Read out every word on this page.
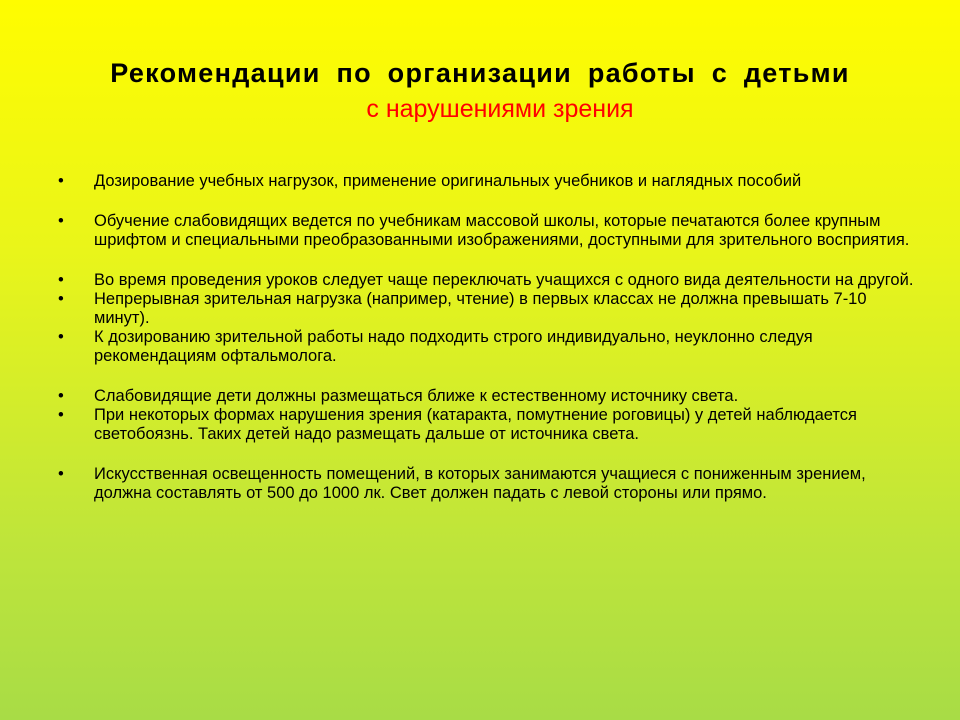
Рекомендации по организации работы с детьми
с нарушениями зрения
• Дозирование учебных нагрузок, применение оригинальных учебников и наглядных пособий
• Обучение слабовидящих ведется по учебникам массовой школы, которые печатаются более крупным шрифтом и специальными преобразованными изображениями, доступными для зрительного восприятия.
• Во время проведения уроков следует чаще переключать учащихся с одного вида деятельности на другой.
• Непрерывная зрительная нагрузка (например, чтение) в первых классах не должна превышать 7-10 минут).
• К дозированию зрительной работы надо подходить строго индивидуально, неуклонно следуя рекомендациям офтальмолога.
• Слабовидящие дети должны размещаться ближе к естественному источнику света.
• При некоторых формах нарушения зрения (катаракта, помутнение роговицы) у детей наблюдается светобоязнь. Таких детей надо размещать дальше от источника света.
• Искусственная освещенность помещений, в которых занимаются учащиеся с пониженным зрением, должна составлять от 500 до 1000 лк. Свет должен падать с левой стороны или прямо.
